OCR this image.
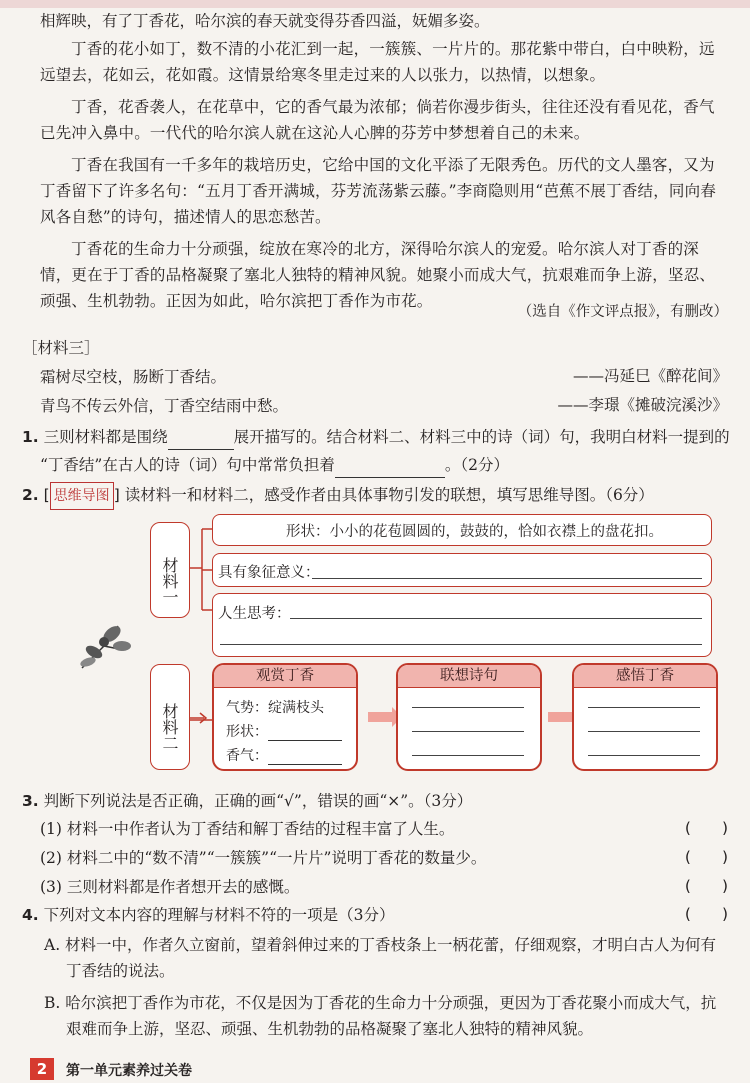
相辉映，有了丁香花，哈尔滨的春天就变得芬香四溢，妩媚多姿。
丁香的花小如丁，数不清的小花汇到一起，一簇簇、一片片的。那花紫中带白，白中映粉，远远望去，花如云，花如霞。这情景给寒冬里走过来的人以张力，以热情，以想象。
丁香，花香袭人，在花草中，它的香气最为浓郁；倘若你漫步街头，往往还没有看见花，香气已先冲入鼻中。一代代的哈尔滨人就在这沁人心脾的芬芳中梦想着自己的未来。
丁香在我国有一千多年的栽培历史，它给中国的文化平添了无限秀色。历代的文人墨客，又为丁香留下了许多名句：“五月丁香开满城，芬芳流荡紫云藤。”李商隐则用“芭蕉不展丁香结，同向春风各自愁”的诗句，描述情人的思恋愁苦。
丁香花的生命力十分顽强，绽放在寒冷的北方，深得哈尔滨人的宠爱。哈尔滨人对丁香的深情，更在于丁香的品格凝聚了塞北人独特的精神风貌。她聚小而成大气，抗艰难而争上游，坚忍、顽强、生机勃勃。正因为如此，哈尔滨把丁香作为市花。
（选自《作文评点报》，有删改）
［材料三］
霜树尽空枝，肠断丁香结。	——冯延巳《醉花间》
青鸟不传云外信，丁香空结雨中愁。	——李璟《摊破浣溪沙》
1. 三则材料都是围绕	展开描写的。结合材料二、材料三中的诗（词）句，我明白材料一提到的
“丁香结”在古人的诗（词）句中常常负担着	。（2分）
2. [ 思维导图 ] 读材料一和材料二，感受作者由具体事物引发的联想，填写思维导图。（6分）
材料一
形状：小小的花苞圆圆的，鼓鼓的，恰如衣襟上的盘花扣。
具有象征意义：
人生思考：
材料二
观赏丁香
气势：绽满枝头
形状：
香气：
联想诗句	感悟丁香
3. 判断下列说法是否正确，正确的画“√”，错误的画“×”。（3分）
(1) 材料一中作者认为丁香结和解丁香结的过程丰富了人生。	(　　)
(2) 材料二中的“数不清”“一簇簇”“一片片”说明丁香花的数量少。	(　　)
(3) 三则材料都是作者想开去的感慨。	(　　)
4. 下列对文本内容的理解与材料不符的一项是（3分）	(　　)
A. 材料一中，作者久立窗前，望着斜伸过来的丁香枝条上一柄花蕾，仔细观察，才明白古人为何有丁香结的说法。
B. 哈尔滨把丁香作为市花，不仅是因为丁香花的生命力十分顽强，更因为丁香花聚小而成大气，抗艰难而争上游，坚忍、顽强、生机勃勃的品格凝聚了塞北人独特的精神风貌。
2	第一单元素养过关卷
